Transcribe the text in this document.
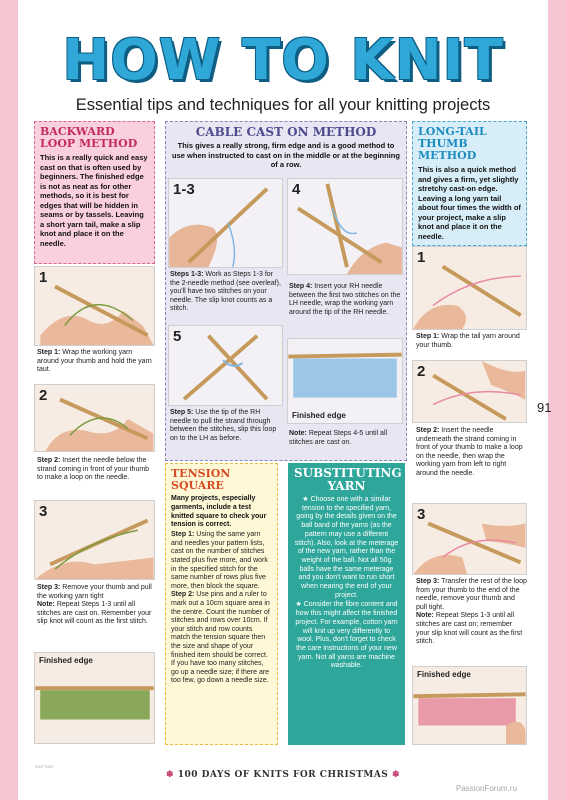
HOW TO KNIT
Essential tips and techniques for all your knitting projects
BACKWARD LOOP METHOD
This is a really quick and easy cast on that is often used by beginners. The finished edge is not as neat as for other methods, so it is best for edges that will be hidden in seams or by tassels. Leaving a short yarn tail, make a slip knot and place it on the needle.
1
Step 1: Wrap the working yarn around your thumb and hold the yarn taut.
2
Step 2: Insert the needle below the strand coming in front of your thumb to make a loop on the needle.
3
Step 3: Remove your thumb and pull the working yarn tight
Note: Repeat Steps 1-3 until all stitches are cast on. Remember your slip knot will count as the first stitch.
Finished edge
CABLE CAST ON METHOD
This gives a really strong, firm edge and is a good method to use when instructed to cast on in the middle or at the beginning of a row.
1-3
Steps 1-3: Work as Steps 1-3 for the 2-needle method (see overleaf), you'll have two stitches on your needle. The slip knot counts as a stitch.
4
Step 4: Insert your RH needle between the first two stitches on the LH needle, wrap the working yarn around the tip of the RH needle.
5
Step 5: Use the tip of the RH needle to pull the strand through between the stitches, slip this loop on to the LH as before.
Finished edge
Note: Repeat Steps 4-5 until all stitches are cast on.
LONG-TAIL THUMB METHOD
This is also a quick method and gives a firm, yet slightly stretchy cast-on edge. Leaving a long yarn tail about four times the width of your project, make a slip knot and place it on the needle.
1
Step 1: Wrap the tail yarn around your thumb.
2
Step 2: Insert the needle underneath the strand coming in front of your thumb to make a loop on the needle, then wrap the working yarn from left to right around the needle.
3
Step 3: Transfer the rest of the loop from your thumb to the end of the needle, remove your thumb and pull tight.
Note: Repeat Steps 1-3 until all stitches are cast on; remember your slip knot will count as the first stitch.
Finished edge
TENSION SQUARE
Many projects, especially garments, include a test knitted square to check your tension is correct.
Step 1: Using the same yarn and needles your pattern lists, cast on the number of stitches stated plus five more, and work in the specified stitch for the same number of rows plus five more, then block the square.
Step 2: Use pins and a ruler to mark out a 10cm square area in the centre. Count the number of stitches and rows over 10cm. If your stitch and row counts match the tension square then the size and shape of your finished item should be correct. If you have too many stitches, go up a needle size; if there are too few, go down a needle size.
SUBSTITUTING YARN
★ Choose one with a similar tension to the specified yarn, going by the details given on the ball band of the yarns (as the pattern may use a different stitch). Also, look at the meterage of the new yarn, rather than the weight of the ball. Not all 50g balls have the same meterage and you don't want to run short when nearing the end of your project.
★ Consider the fibre content and how this might affect the finished project. For example, cotton yarn will knit up very differently to wool. Plus, don't forget to check the care instructions of your new yarn. Not all yarns are machine washable.
91
❄ 100 DAYS OF KNITS FOR CHRISTMAS ❄
KNITTING
PassionForum.ru
